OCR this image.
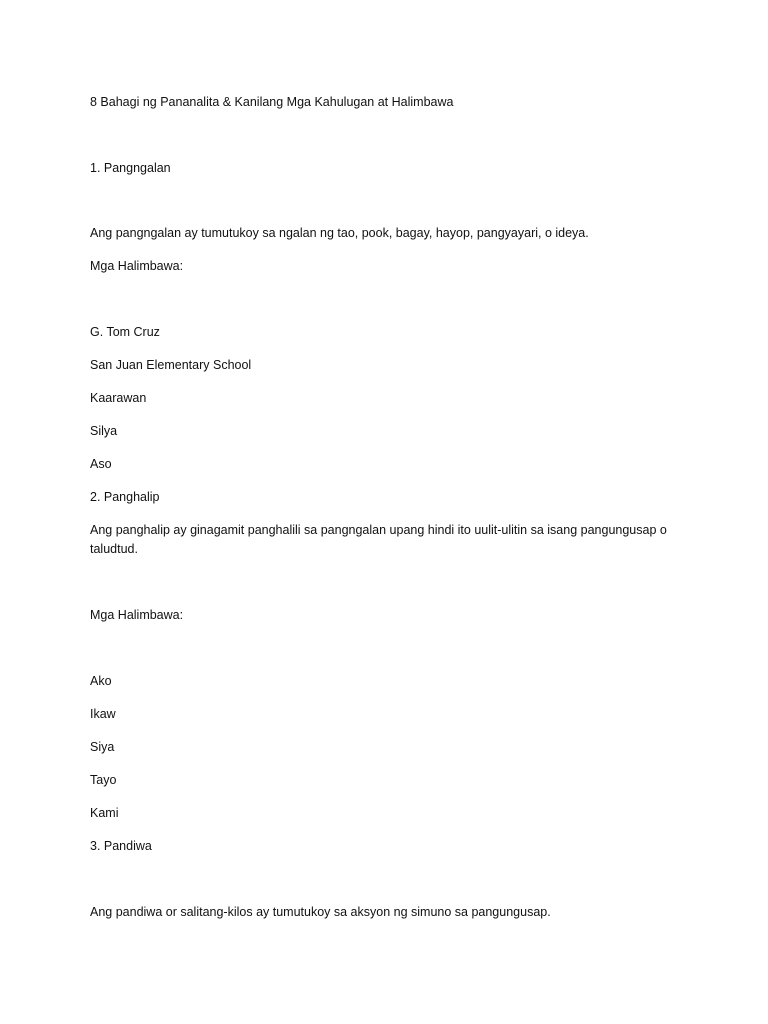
8 Bahagi ng Pananalita & Kanilang Mga Kahulugan at Halimbawa
1. Pangngalan
Ang pangngalan ay tumutukoy sa ngalan ng tao, pook, bagay, hayop, pangyayari, o ideya.
Mga Halimbawa:
G. Tom Cruz
San Juan Elementary School
Kaarawan
Silya
Aso
2. Panghalip
Ang panghalip ay ginagamit panghalili sa pangngalan upang hindi ito uulit-ulitin sa isang pangungusap o taludtud.
Mga Halimbawa:
Ako
Ikaw
Siya
Tayo
Kami
3. Pandiwa
Ang pandiwa or salitang-kilos ay tumutukoy sa aksyon ng simuno sa pangungusap.
